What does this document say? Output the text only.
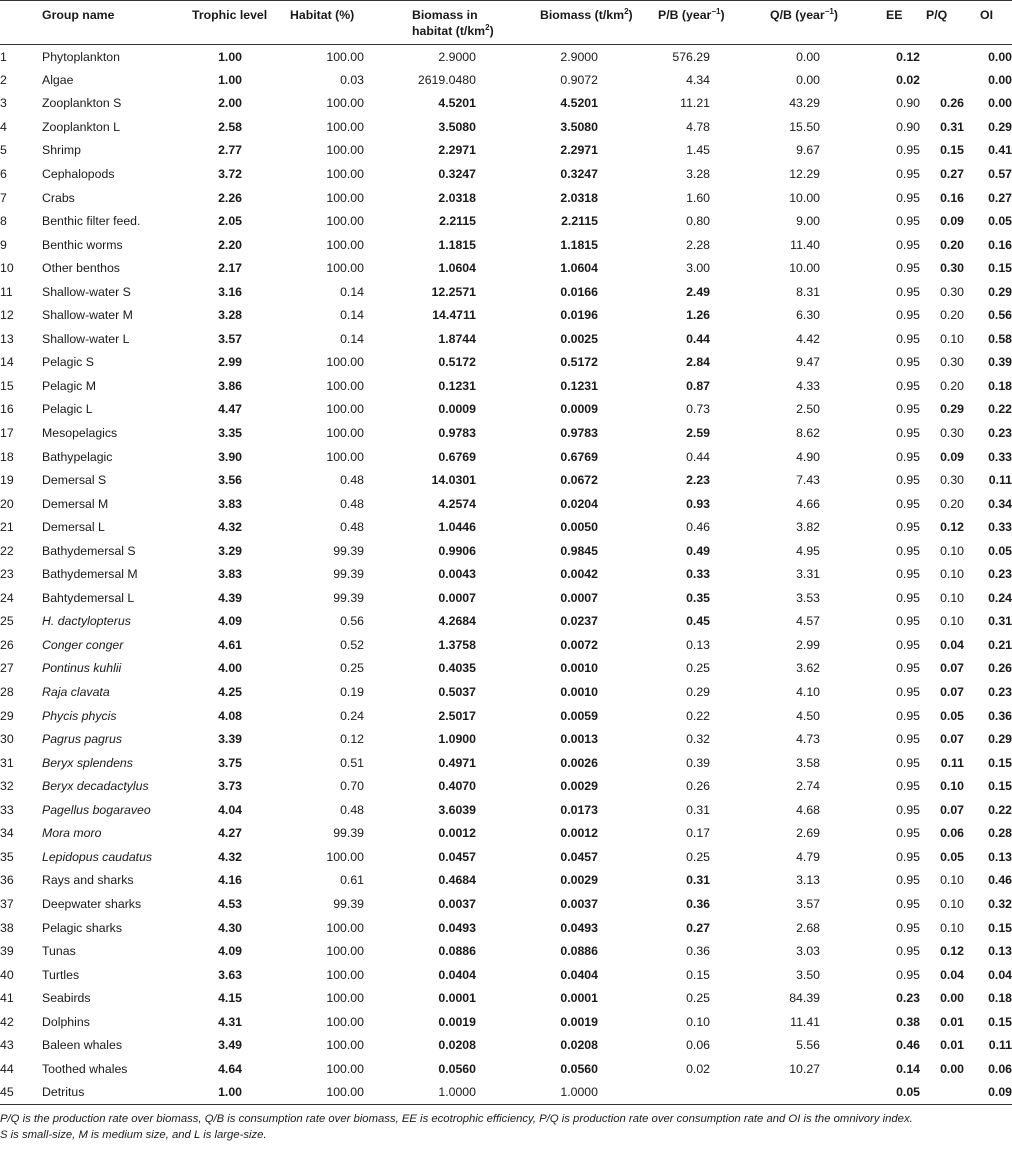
	Group name	Trophic level	Habitat (%)	Biomass in
habitat $(t/km^2)$	Biomass $(t/km^2)$	P/B (year$^{-1}$)	Q/B (year$^{-1}$)	EE	P/Q	OI
1	Phytoplankton	1.00	100.00	2.9000	2.9000	576.29	0.00	0.12		0.00
2	Algae	1.00	0.03	2619.0480	0.9072	4.34	0.00	0.02		0.00
3	Zooplankton S	2.00	100.00	4.5201	4.5201	11.21	43.29	0.90	0.26	0.00
4	Zooplankton L	2.58	100.00	3.5080	3.5080	4.78	15.50	0.90	0.31	0.29
5	Shrimp	2.77	100.00	2.2971	2.2971	1.45	9.67	0.95	0.15	0.41
6	Cephalopods	3.72	100.00	0.3247	0.3247	3.28	12.29	0.95	0.27	0.57
7	Crabs	2.26	100.00	2.0318	2.0318	1.60	10.00	0.95	0.16	0.27
8	Benthic filter feed.	2.05	100.00	2.2115	2.2115	0.80	9.00	0.95	0.09	0.05
9	Benthic worms	2.20	100.00	1.1815	1.1815	2.28	11.40	0.95	0.20	0.16
10	Other benthos	2.17	100.00	1.0604	1.0604	3.00	10.00	0.95	0.30	0.15
11	Shallow-water S	3.16	0.14	12.2571	0.0166	2.49	8.31	0.95	0.30	0.29
12	Shallow-water M	3.28	0.14	14.4711	0.0196	1.26	6.30	0.95	0.20	0.56
13	Shallow-water L	3.57	0.14	1.8744	0.0025	0.44	4.42	0.95	0.10	0.58
14	Pelagic S	2.99	100.00	0.5172	0.5172	2.84	9.47	0.95	0.30	0.39
15	Pelagic M	3.86	100.00	0.1231	0.1231	0.87	4.33	0.95	0.20	0.18
16	Pelagic L	4.47	100.00	0.0009	0.0009	0.73	2.50	0.95	0.29	0.22
17	Mesopelagics	3.35	100.00	0.9783	0.9783	2.59	8.62	0.95	0.30	0.23
18	Bathypelagic	3.90	100.00	0.6769	0.6769	0.44	4.90	0.95	0.09	0.33
19	Demersal S	3.56	0.48	14.0301	0.0672	2.23	7.43	0.95	0.30	0.11
20	Demersal M	3.83	0.48	4.2574	0.0204	0.93	4.66	0.95	0.20	0.34
21	Demersal L	4.32	0.48	1.0446	0.0050	0.46	3.82	0.95	0.12	0.33
22	Bathydemersal S	3.29	99.39	0.9906	0.9845	0.49	4.95	0.95	0.10	0.05
23	Bathydemersal M	3.83	99.39	0.0043	0.0042	0.33	3.31	0.95	0.10	0.23
24	Bahtydemersal L	4.39	99.39	0.0007	0.0007	0.35	3.53	0.95	0.10	0.24
25	H. dactylopterus	4.09	0.56	4.2684	0.0237	0.45	4.57	0.95	0.10	0.31
26	Conger conger	4.61	0.52	1.3758	0.0072	0.13	2.99	0.95	0.04	0.21
27	Pontinus kuhlii	4.00	0.25	0.4035	0.0010	0.25	3.62	0.95	0.07	0.26
28	Raja clavata	4.25	0.19	0.5037	0.0010	0.29	4.10	0.95	0.07	0.23
29	Phycis phycis	4.08	0.24	2.5017	0.0059	0.22	4.50	0.95	0.05	0.36
30	Pagrus pagrus	3.39	0.12	1.0900	0.0013	0.32	4.73	0.95	0.07	0.29
31	Beryx splendens	3.75	0.51	0.4971	0.0026	0.39	3.58	0.95	0.11	0.15
32	Beryx decadactylus	3.73	0.70	0.4070	0.0029	0.26	2.74	0.95	0.10	0.15
33	Pagellus bogaraveo	4.04	0.48	3.6039	0.0173	0.31	4.68	0.95	0.07	0.22
34	Mora moro	4.27	99.39	0.0012	0.0012	0.17	2.69	0.95	0.06	0.28
35	Lepidopus caudatus	4.32	100.00	0.0457	0.0457	0.25	4.79	0.95	0.05	0.13
36	Rays and sharks	4.16	0.61	0.4684	0.0029	0.31	3.13	0.95	0.10	0.46
37	Deepwater sharks	4.53	99.39	0.0037	0.0037	0.36	3.57	0.95	0.10	0.32
38	Pelagic sharks	4.30	100.00	0.0493	0.0493	0.27	2.68	0.95	0.10	0.15
39	Tunas	4.09	100.00	0.0886	0.0886	0.36	3.03	0.95	0.12	0.13
40	Turtles	3.63	100.00	0.0404	0.0404	0.15	3.50	0.95	0.04	0.04
41	Seabirds	4.15	100.00	0.0001	0.0001	0.25	84.39	0.23	0.00	0.18
42	Dolphins	4.31	100.00	0.0019	0.0019	0.10	11.41	0.38	0.01	0.15
43	Baleen whales	3.49	100.00	0.0208	0.0208	0.06	5.56	0.46	0.01	0.11
44	Toothed whales	4.64	100.00	0.0560	0.0560	0.02	10.27	0.14	0.00	0.06
45	Detritus	1.00	100.00	1.0000	1.0000			0.05		0.09
P/Q is the production rate over biomass, Q/B is consumption rate over biomass, EE is ecotrophic efficiency, P/Q is production rate over consumption rate and OI is the omnivory index.
S is small-size, M is medium size, and L is large-size.
